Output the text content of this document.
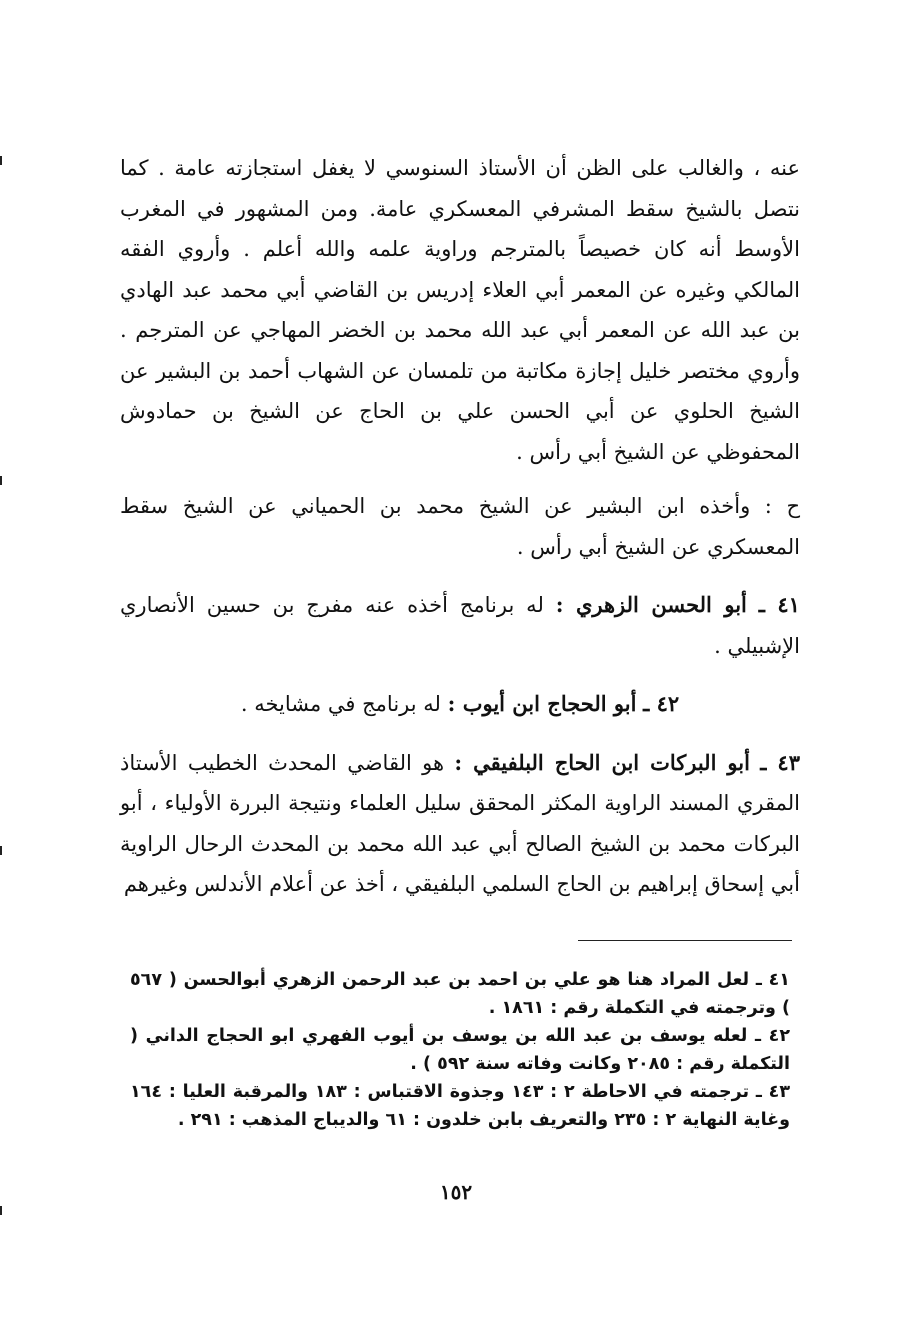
عنه ، والغالب على الظن أن الأستاذ السنوسي لا يغفل استجازته عامة . كما نتصل بالشيخ سقط المشرفي المعسكري عامة. ومن المشهور في المغرب الأوسط أنه كان خصيصاً بالمترجم وراوية علمه والله أعلم . وأروي الفقه المالكي وغيره عن المعمر أبي العلاء إدريس بن القاضي أبي محمد عبد الهادي بن عبد الله عن المعمر أبي عبد الله محمد بن الخضر المهاجي عن المترجم . وأروي مختصر خليل إجازة مكاتبة من تلمسان عن الشهاب أحمد بن البشير عن الشيخ الحلوي عن أبي الحسن علي بن الحاج عن الشيخ بن حمادوش المحفوظي عن الشيخ أبي رأس .

ح : وأخذه ابن البشير عن الشيخ محمد بن الحمياني عن الشيخ سقط المعسكري عن الشيخ أبي رأس .

٤١ ـ أبو الحسن الزهري : له برنامج أخذه عنه مفرج بن حسين الأنصاري الإشبيلي .

٤٢ ـ أبو الحجاج ابن أيوب : له برنامج في مشايخه .

٤٣ ـ أبو البركات ابن الحاج البلفيقي : هو القاضي المحدث الخطيب الأستاذ المقري المسند الراوية المكثر المحقق سليل العلماء ونتيجة البررة الأولياء ، أبو البركات محمد بن الشيخ الصالح أبي عبد الله محمد بن المحدث الرحال الراوية أبي إسحاق إبراهيم بن الحاج السلمي البلفيقي ، أخذ عن أعلام الأندلس وغيرهم

٤١ ـ لعل المراد هنا هو علي بن احمد بن عبد الرحمن الزهري أبوالحسن ( ٥٦٧ ) وترجمته في التكملة رقم : ١٨٦١ .

٤٢ ـ لعله يوسف بن عبد الله بن يوسف بن أيوب الفهري ابو الحجاج الداني ( التكملة رقم : ٢٠٨٥ وكانت وفاته سنة ٥٩٢ ) .

٤٣ ـ ترجمته في الاحاطة ٢ : ١٤٣ وجذوة الاقتباس : ١٨٣ والمرقبة العليا : ١٦٤ وغاية النهاية ٢ : ٢٣٥ والتعريف بابن خلدون : ٦١ والديباج المذهب : ٢٩١ .

١٥٢
